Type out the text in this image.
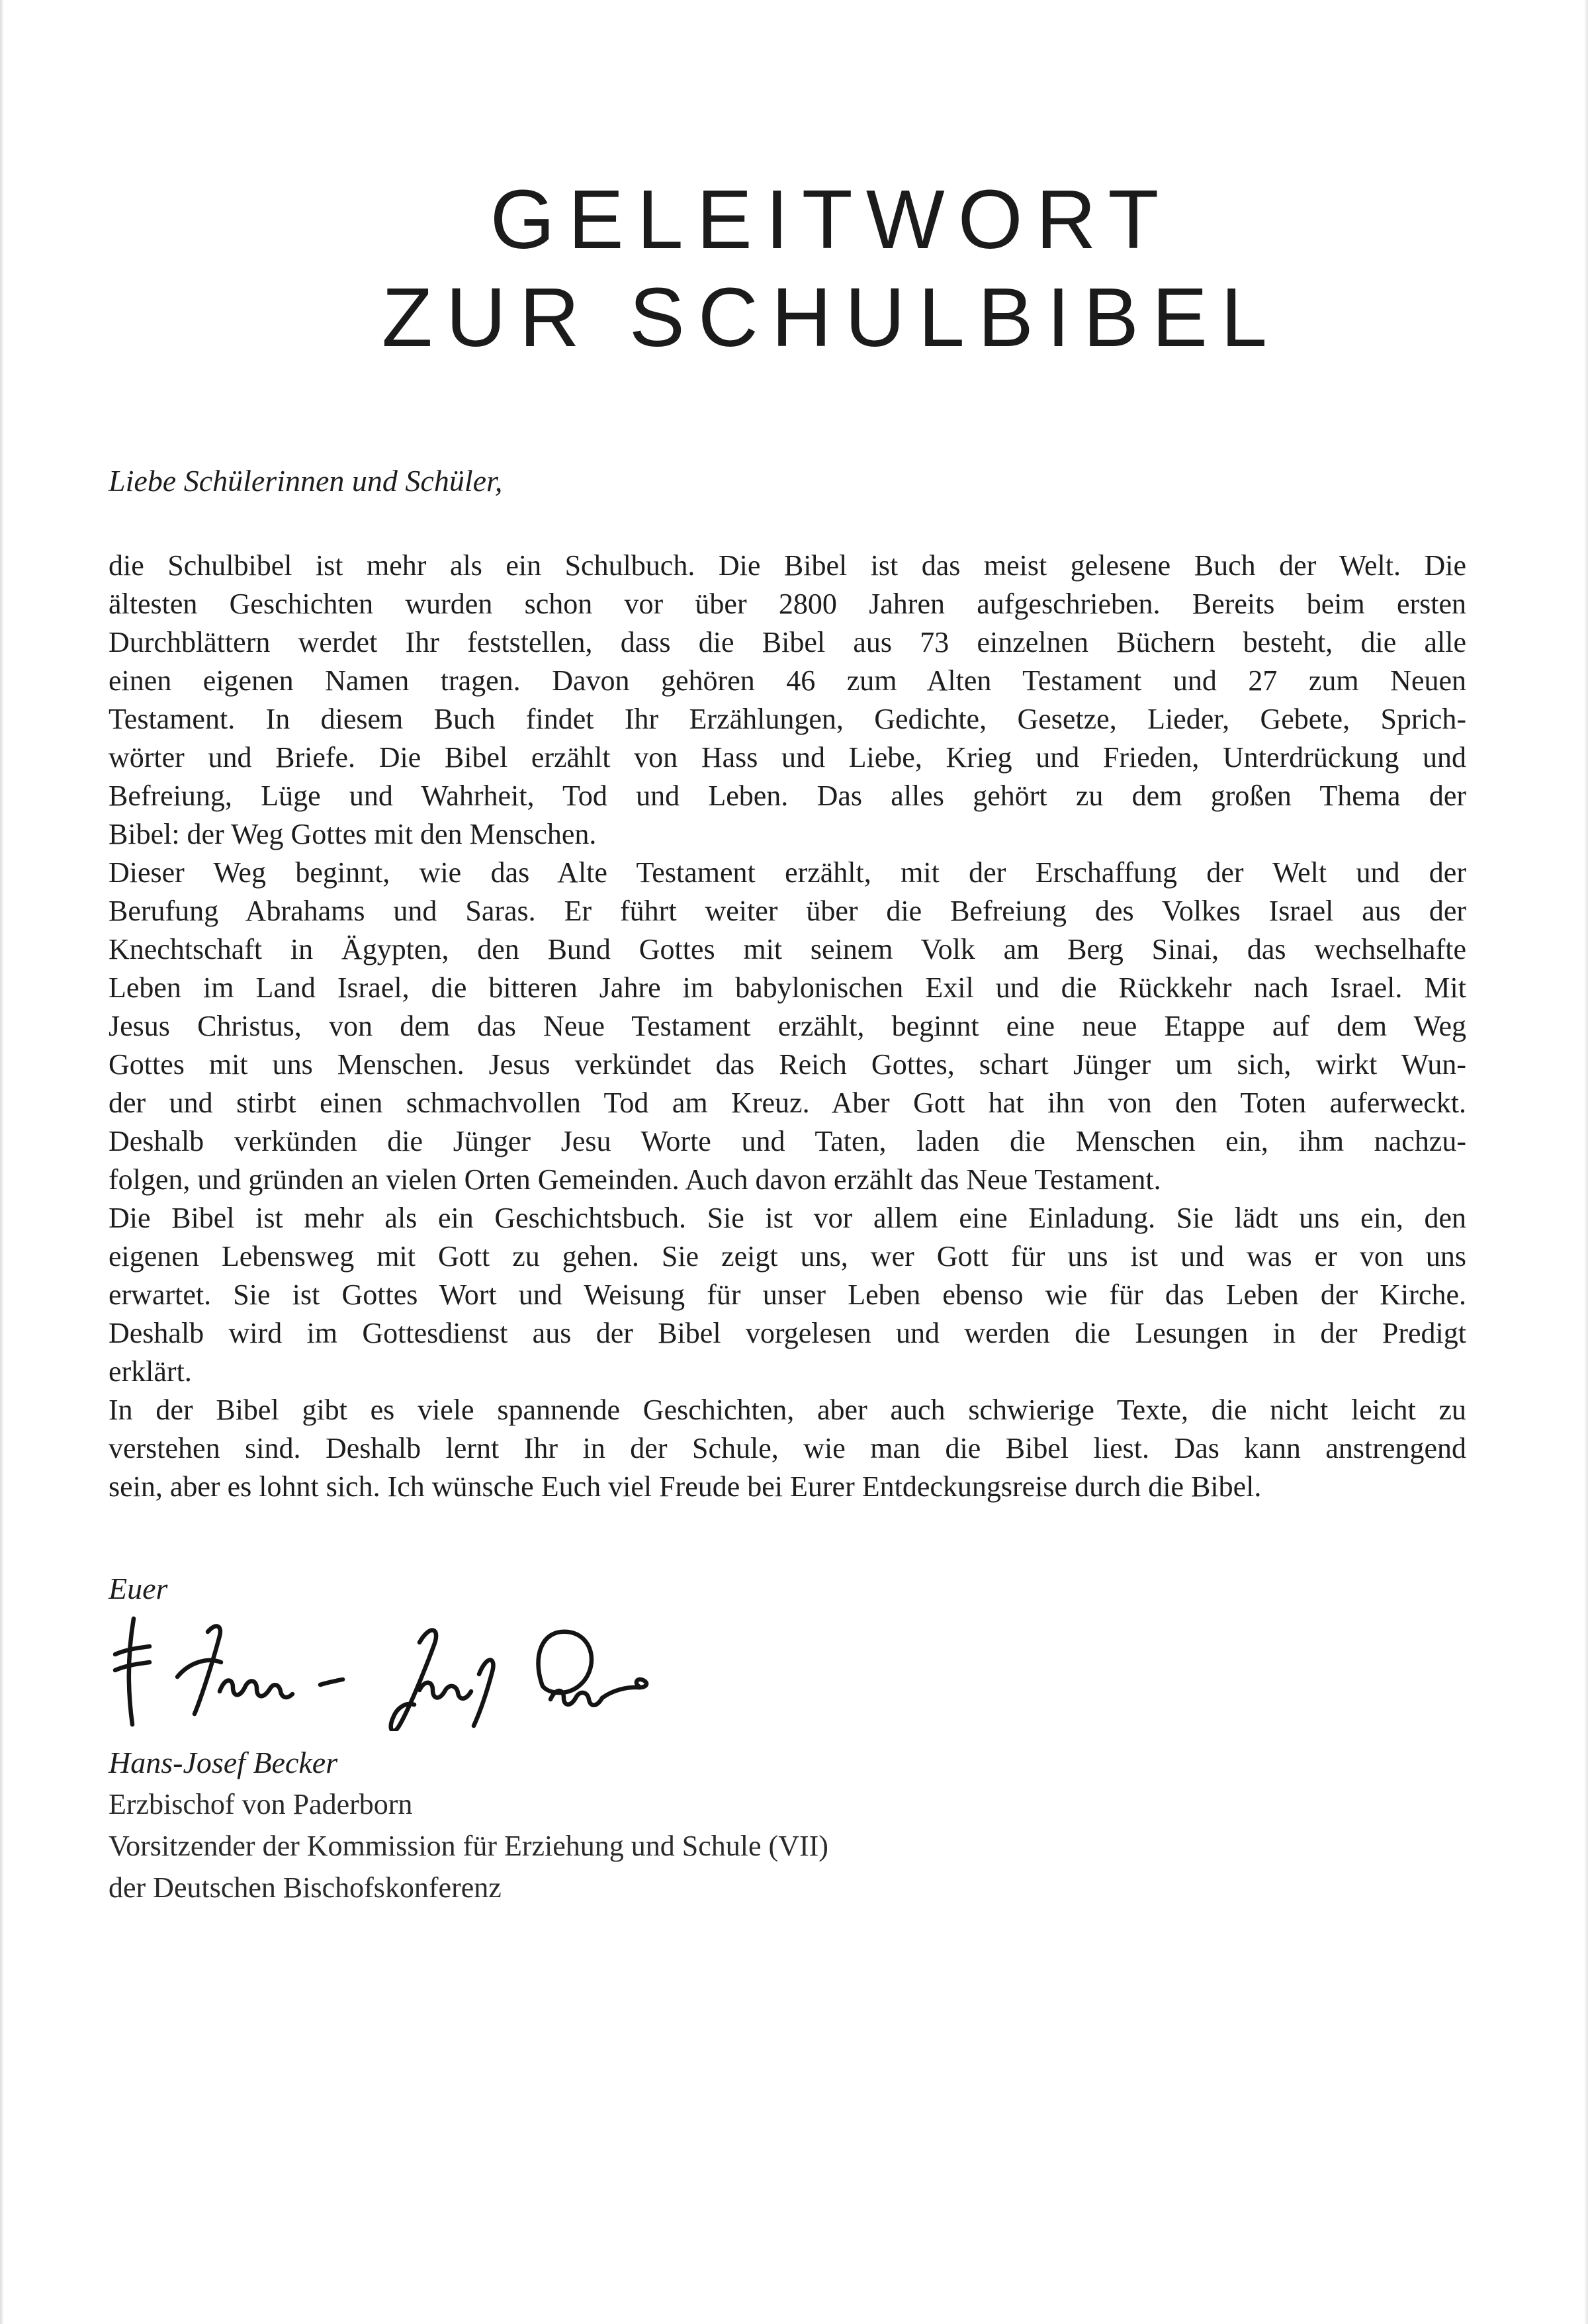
GELEITWORT
ZUR SCHULBIBEL

Liebe Schülerinnen und Schüler,

die Schulbibel ist mehr als ein Schulbuch. Die Bibel ist das meist gelesene Buch der Welt. Die
ältesten Geschichten wurden schon vor über 2800 Jahren aufgeschrieben. Bereits beim ersten
Durchblättern werdet Ihr feststellen, dass die Bibel aus 73 einzelnen Büchern besteht, die alle
einen eigenen Namen tragen. Davon gehören 46 zum Alten Testament und 27 zum Neuen
Testament. In diesem Buch findet Ihr Erzählungen, Gedichte, Gesetze, Lieder, Gebete, Sprich-
wörter und Briefe. Die Bibel erzählt von Hass und Liebe, Krieg und Frieden, Unterdrückung und
Befreiung, Lüge und Wahrheit, Tod und Leben. Das alles gehört zu dem großen Thema der
Bibel: der Weg Gottes mit den Menschen.
Dieser Weg beginnt, wie das Alte Testament erzählt, mit der Erschaffung der Welt und der
Berufung Abrahams und Saras. Er führt weiter über die Befreiung des Volkes Israel aus der
Knechtschaft in Ägypten, den Bund Gottes mit seinem Volk am Berg Sinai, das wechselhafte
Leben im Land Israel, die bitteren Jahre im babylonischen Exil und die Rückkehr nach Israel. Mit
Jesus Christus, von dem das Neue Testament erzählt, beginnt eine neue Etappe auf dem Weg
Gottes mit uns Menschen. Jesus verkündet das Reich Gottes, schart Jünger um sich, wirkt Wun-
der und stirbt einen schmachvollen Tod am Kreuz. Aber Gott hat ihn von den Toten auferweckt.
Deshalb verkünden die Jünger Jesu Worte und Taten, laden die Menschen ein, ihm nachzu-
folgen, und gründen an vielen Orten Gemeinden. Auch davon erzählt das Neue Testament.
Die Bibel ist mehr als ein Geschichtsbuch. Sie ist vor allem eine Einladung. Sie lädt uns ein, den
eigenen Lebensweg mit Gott zu gehen. Sie zeigt uns, wer Gott für uns ist und was er von uns
erwartet. Sie ist Gottes Wort und Weisung für unser Leben ebenso wie für das Leben der Kirche.
Deshalb wird im Gottesdienst aus der Bibel vorgelesen und werden die Lesungen in der Predigt
erklärt.
In der Bibel gibt es viele spannende Geschichten, aber auch schwierige Texte, die nicht leicht zu
verstehen sind. Deshalb lernt Ihr in der Schule, wie man die Bibel liest. Das kann anstrengend
sein, aber es lohnt sich. Ich wünsche Euch viel Freude bei Eurer Entdeckungsreise durch die Bibel.

Euer

Hans-Josef Becker

Erzbischof von Paderborn

Vorsitzender der Kommission für Erziehung und Schule (VII)

der Deutschen Bischofskonferenz
